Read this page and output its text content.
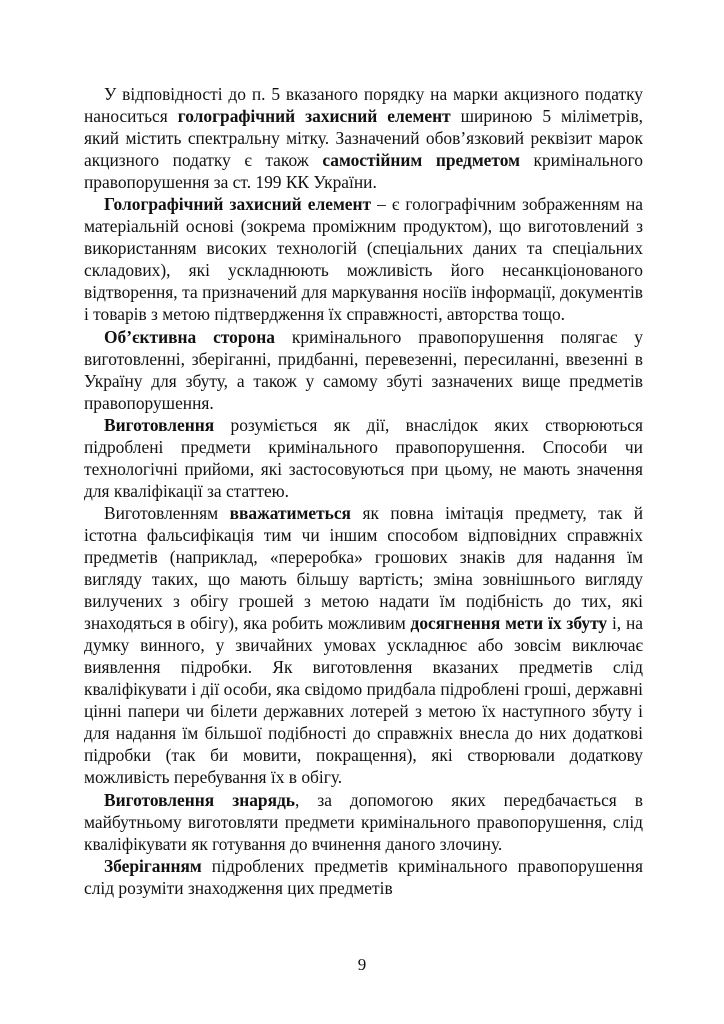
У відповідності до п. 5 вказаного порядку на марки акцизного податку наноситься голографічний захисний елемент шириною 5 міліметрів, який містить спектральну мітку. Зазначений обов’язковий реквізит марок акцизного податку є також самостійним предметом кримінального правопорушення за ст. 199 КК України.

Голографічний захисний елемент – є голографічним зображенням на матеріальній основі (зокрема проміжним продуктом), що виготовлений з використанням високих технологій (спеціальних даних та спеціальних складових), які ускладнюють можливість його несанкціонованого відтворення, та призначений для маркування носіїв інформації, документів і товарів з метою підтвердження їх справжності, авторства тощо.

Об’єктивна сторона кримінального правопорушення полягає у виготовленні, зберіганні, придбанні, перевезенні, пересиланні, ввезенні в Україну для збуту, а також у самому збуті зазначених вище предметів правопорушення.

Виготовлення розуміється як дії, внаслідок яких створюються підроблені предмети кримінального правопорушення. Способи чи технологічні прийоми, які застосовуються при цьому, не мають значення для кваліфікації за статтею.

Виготовленням вважатиметься як повна імітація предмету, так й істотна фальсифікація тим чи іншим способом відповідних справжніх предметів (наприклад, «переробка» грошових знаків для надання їм вигляду таких, що мають більшу вартість; зміна зовнішнього вигляду вилучених з обігу грошей з метою надати їм подібність до тих, які знаходяться в обігу), яка робить можливим досягнення мети їх збуту і, на думку винного, у звичайних умовах ускладнює або зовсім виключає виявлення підробки. Як виготовлення вказаних предметів слід кваліфікувати і дії особи, яка свідомо придбала підроблені гроші, державні цінні папери чи білети державних лотерей з метою їх наступного збуту і для надання їм більшої подібності до справжніх внесла до них додаткові підробки (так би мовити, покращення), які створювали додаткову можливість перебування їх в обігу.

Виготовлення знарядь, за допомогою яких передбачається в майбутньому виготовляти предмети кримінального правопорушення, слід кваліфікувати як готування до вчинення даного злочину.

Зберіганням підроблених предметів кримінального правопорушення слід розуміти знаходження цих предметів

9
